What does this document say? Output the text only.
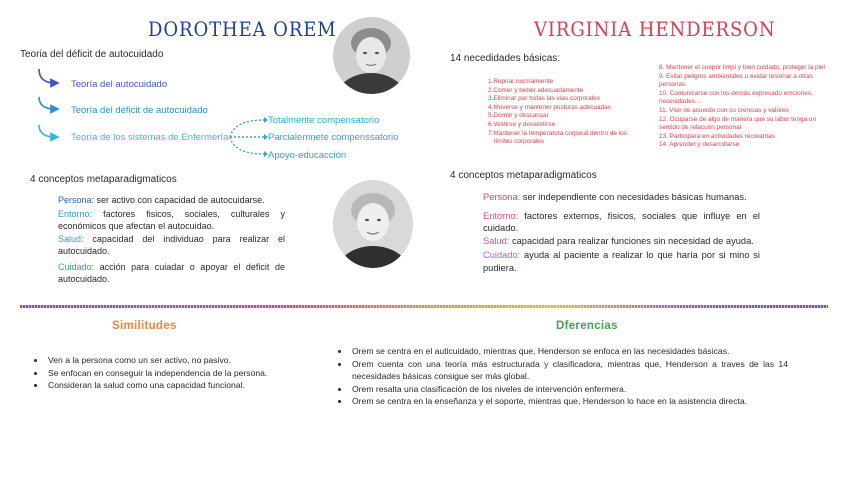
DOROTHEA OREM	VIRGINIA HENDERSON
Teoria del déficit de autocuidado
Teoría del autocuidado
Teoría del déficit de autocuidado
Teoría de los sistemas de Enfermería
Totalmente compensatorio
Parcialemnete compenssatorio
Apoyo-educacción
4 conceptos metaparadigmaticos
Persona: ser activo con capacidad de autocuidarse.
Entorno: factores fisicos, sociales, culturales y económicos que afectan el autocuidao.
Salud: capacidad del individuao para realizar el autocuidado.
Cuidado: acción para cuiadar o apoyar el deficit de autocuidado.
14 necedidades básicas:
1.Repirar normalmente
2.Comer y beber adecuadamente
3.Eliminar por todas las vías corporales
4.Moverse y mantener posturas adecuadas
5.Dormir y descansar
6.Vestirse y desvestirse
7.Mantener la temperatura corporal dentro de los límites corporales
8. Mantener el cuepor limpi y bien cuidado, proteger la piel
9. Evitar peligros ambientales u evidar lesionar a otras personas
10. Comunicarse con los demás expresado emciones, necesidades....
11. Vivir de acuerdo con su crencias y valores
12. Ocuparse de algo de manera que su labor tenga un sentido de relacuon personal
13. Participara en actividades recreatnas
14. Aprender y desarrollarse
4 conceptos metaparadigmaticos
Persona: ser independiente con necesidades básicas humanas.
Entorno: factores externos, fisicos, sociales que influye en el cuidado.
Salud: capacidad para realizar funciones sin necesidad de ayuda.
Cuidado: ayuda al paciente a realizar lo que haría por si mino si pudiera.
Similitudes
• Ven a la persona como un ser activo, no pasivo.
• Se enfocan en conseguir la independencia de la persona.
• Consideran la salud como una capacidad funcional.
Dferencias
• Orem se centra en el auticuidado, mientras que, Henderson se enfoca en las necesidades básicas.
• Orem cuenta con una teoría más estructurada y clasificadora, mientras que, Henderson a traves de las 14 necesidades básicas consigue ser más global.
• Orem resalta una clasificación de los niveles de intervención enfermera.
• Orem se centra en la enseñanza y el soporte, mientras que, Henderson lo hace en la asistencia directa.
